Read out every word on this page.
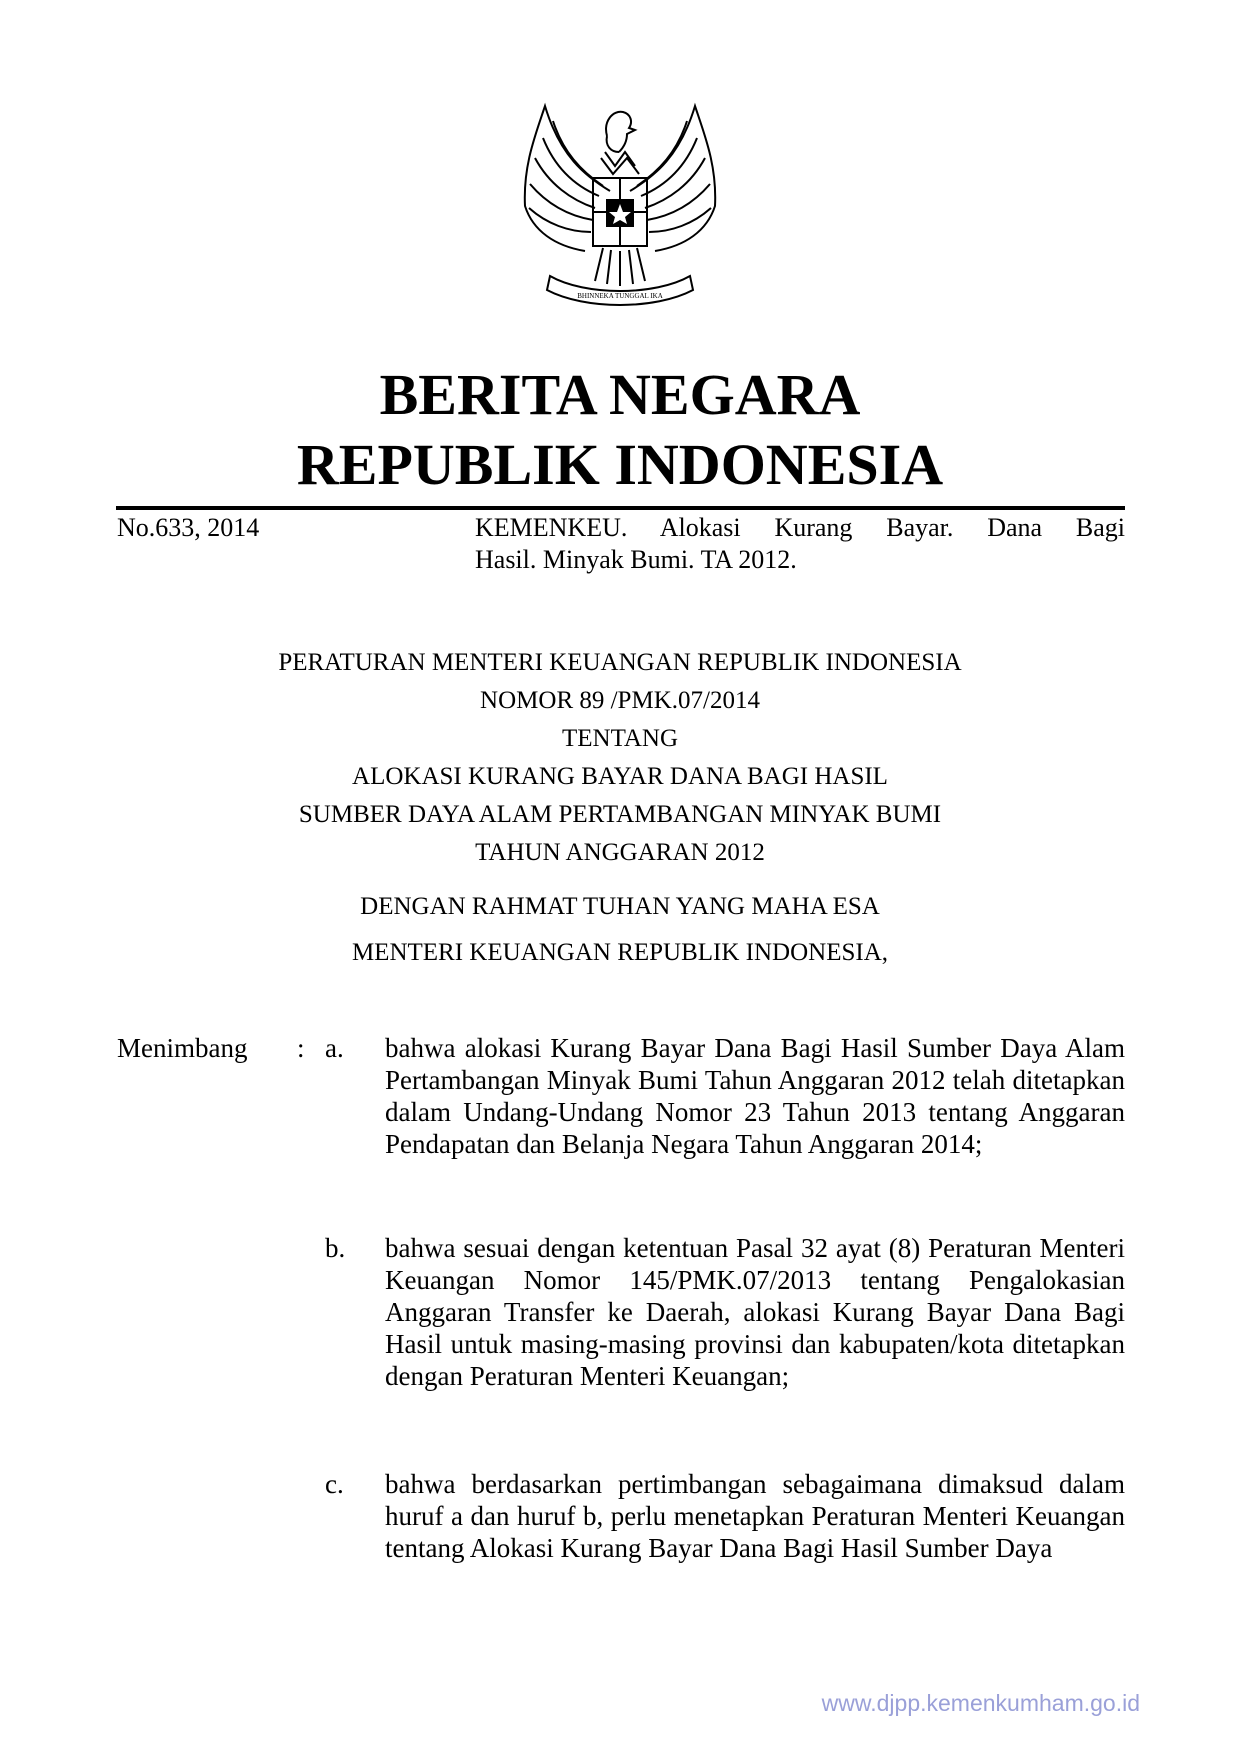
BHINNEKA TUNGGAL IKA
BERITA NEGARA
REPUBLIK INDONESIA
No.633, 2014	KEMENKEU. Alokasi Kurang Bayar. Dana Bagi
Hasil. Minyak Bumi. TA 2012.
PERATURAN MENTERI KEUANGAN REPUBLIK INDONESIA
NOMOR 89 /PMK.07/2014
TENTANG
ALOKASI KURANG BAYAR DANA BAGI HASIL
SUMBER DAYA ALAM PERTAMBANGAN MINYAK BUMI
TAHUN ANGGARAN 2012
DENGAN RAHMAT TUHAN YANG MAHA ESA
MENTERI KEUANGAN REPUBLIK INDONESIA,
Menimbang : a. bahwa alokasi Kurang Bayar Dana Bagi Hasil Sumber Daya Alam Pertambangan Minyak Bumi Tahun Anggaran 2012 telah ditetapkan dalam Undang-Undang Nomor 23 Tahun 2013 tentang Anggaran Pendapatan dan Belanja Negara Tahun Anggaran 2014;
b. bahwa sesuai dengan ketentuan Pasal 32 ayat (8) Peraturan Menteri Keuangan Nomor 145/PMK.07/2013 tentang Pengalokasian Anggaran Transfer ke Daerah, alokasi Kurang Bayar Dana Bagi Hasil untuk masing-masing provinsi dan kabupaten/kota ditetapkan dengan Peraturan Menteri Keuangan;
c. bahwa berdasarkan pertimbangan sebagaimana dimaksud dalam huruf a dan huruf b, perlu menetapkan Peraturan Menteri Keuangan tentang Alokasi Kurang Bayar Dana Bagi Hasil Sumber Daya
www.djpp.kemenkumham.go.id
